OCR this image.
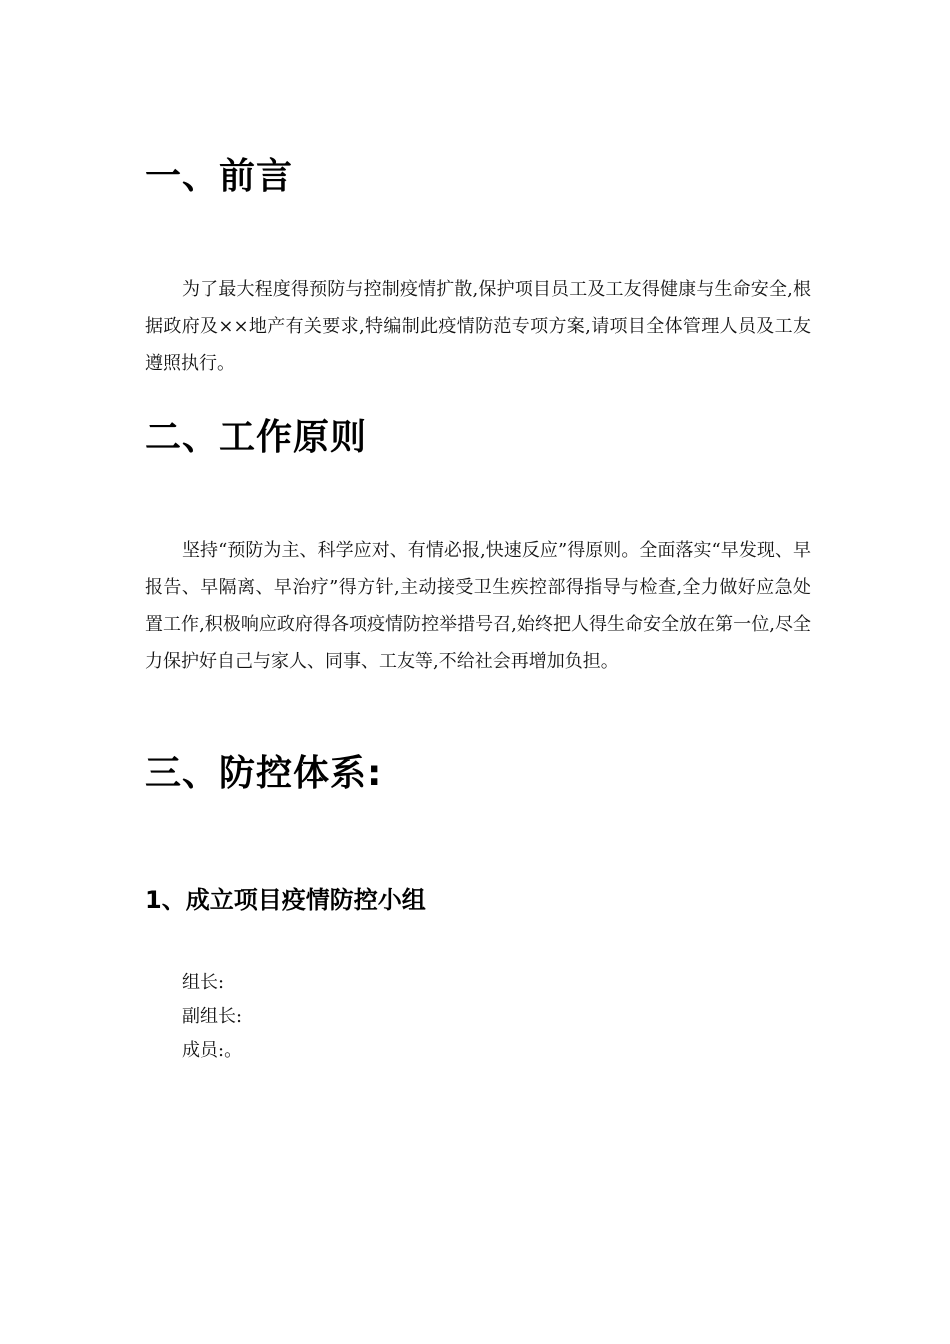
一、前言

为了最大程度得预防与控制疫情扩散,保护项目员工及工友得健康与生命安全,根据政府及××地产有关要求,特编制此疫情防范专项方案,请项目全体管理人员及工友遵照执行。

二、工作原则

坚持“预防为主、科学应对、有情必报,快速反应”得原则。全面落实“早发现、早报告、早隔离、早治疗”得方针,主动接受卫生疾控部得指导与检查,全力做好应急处置工作,积极响应政府得各项疫情防控举措号召,始终把人得生命安全放在第一位,尽全力保护好自己与家人、同事、工友等,不给社会再增加负担。

三、防控体系:
1、成立项目疫情防控小组

组长:

副组长:

成员:。
